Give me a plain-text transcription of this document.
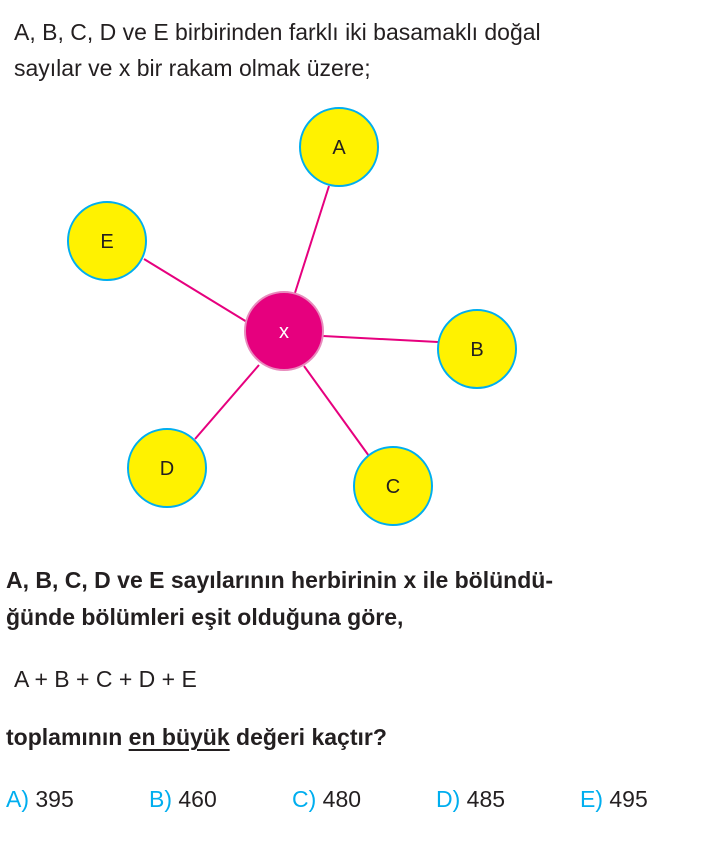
A, B, C, D ve E birbirinden farklı iki basamaklı doğal

sayılar ve x bir rakam olmak üzere;

A
B
C
D
E
x

A, B, C, D ve E sayılarının herbirinin x ile bölündü-

ğünde bölümleri eşit olduğuna göre,

A + B + C + D + E
toplamının en büyük değeri kaçtır?
A) 395	B) 460	C) 480	D) 485	E) 495
